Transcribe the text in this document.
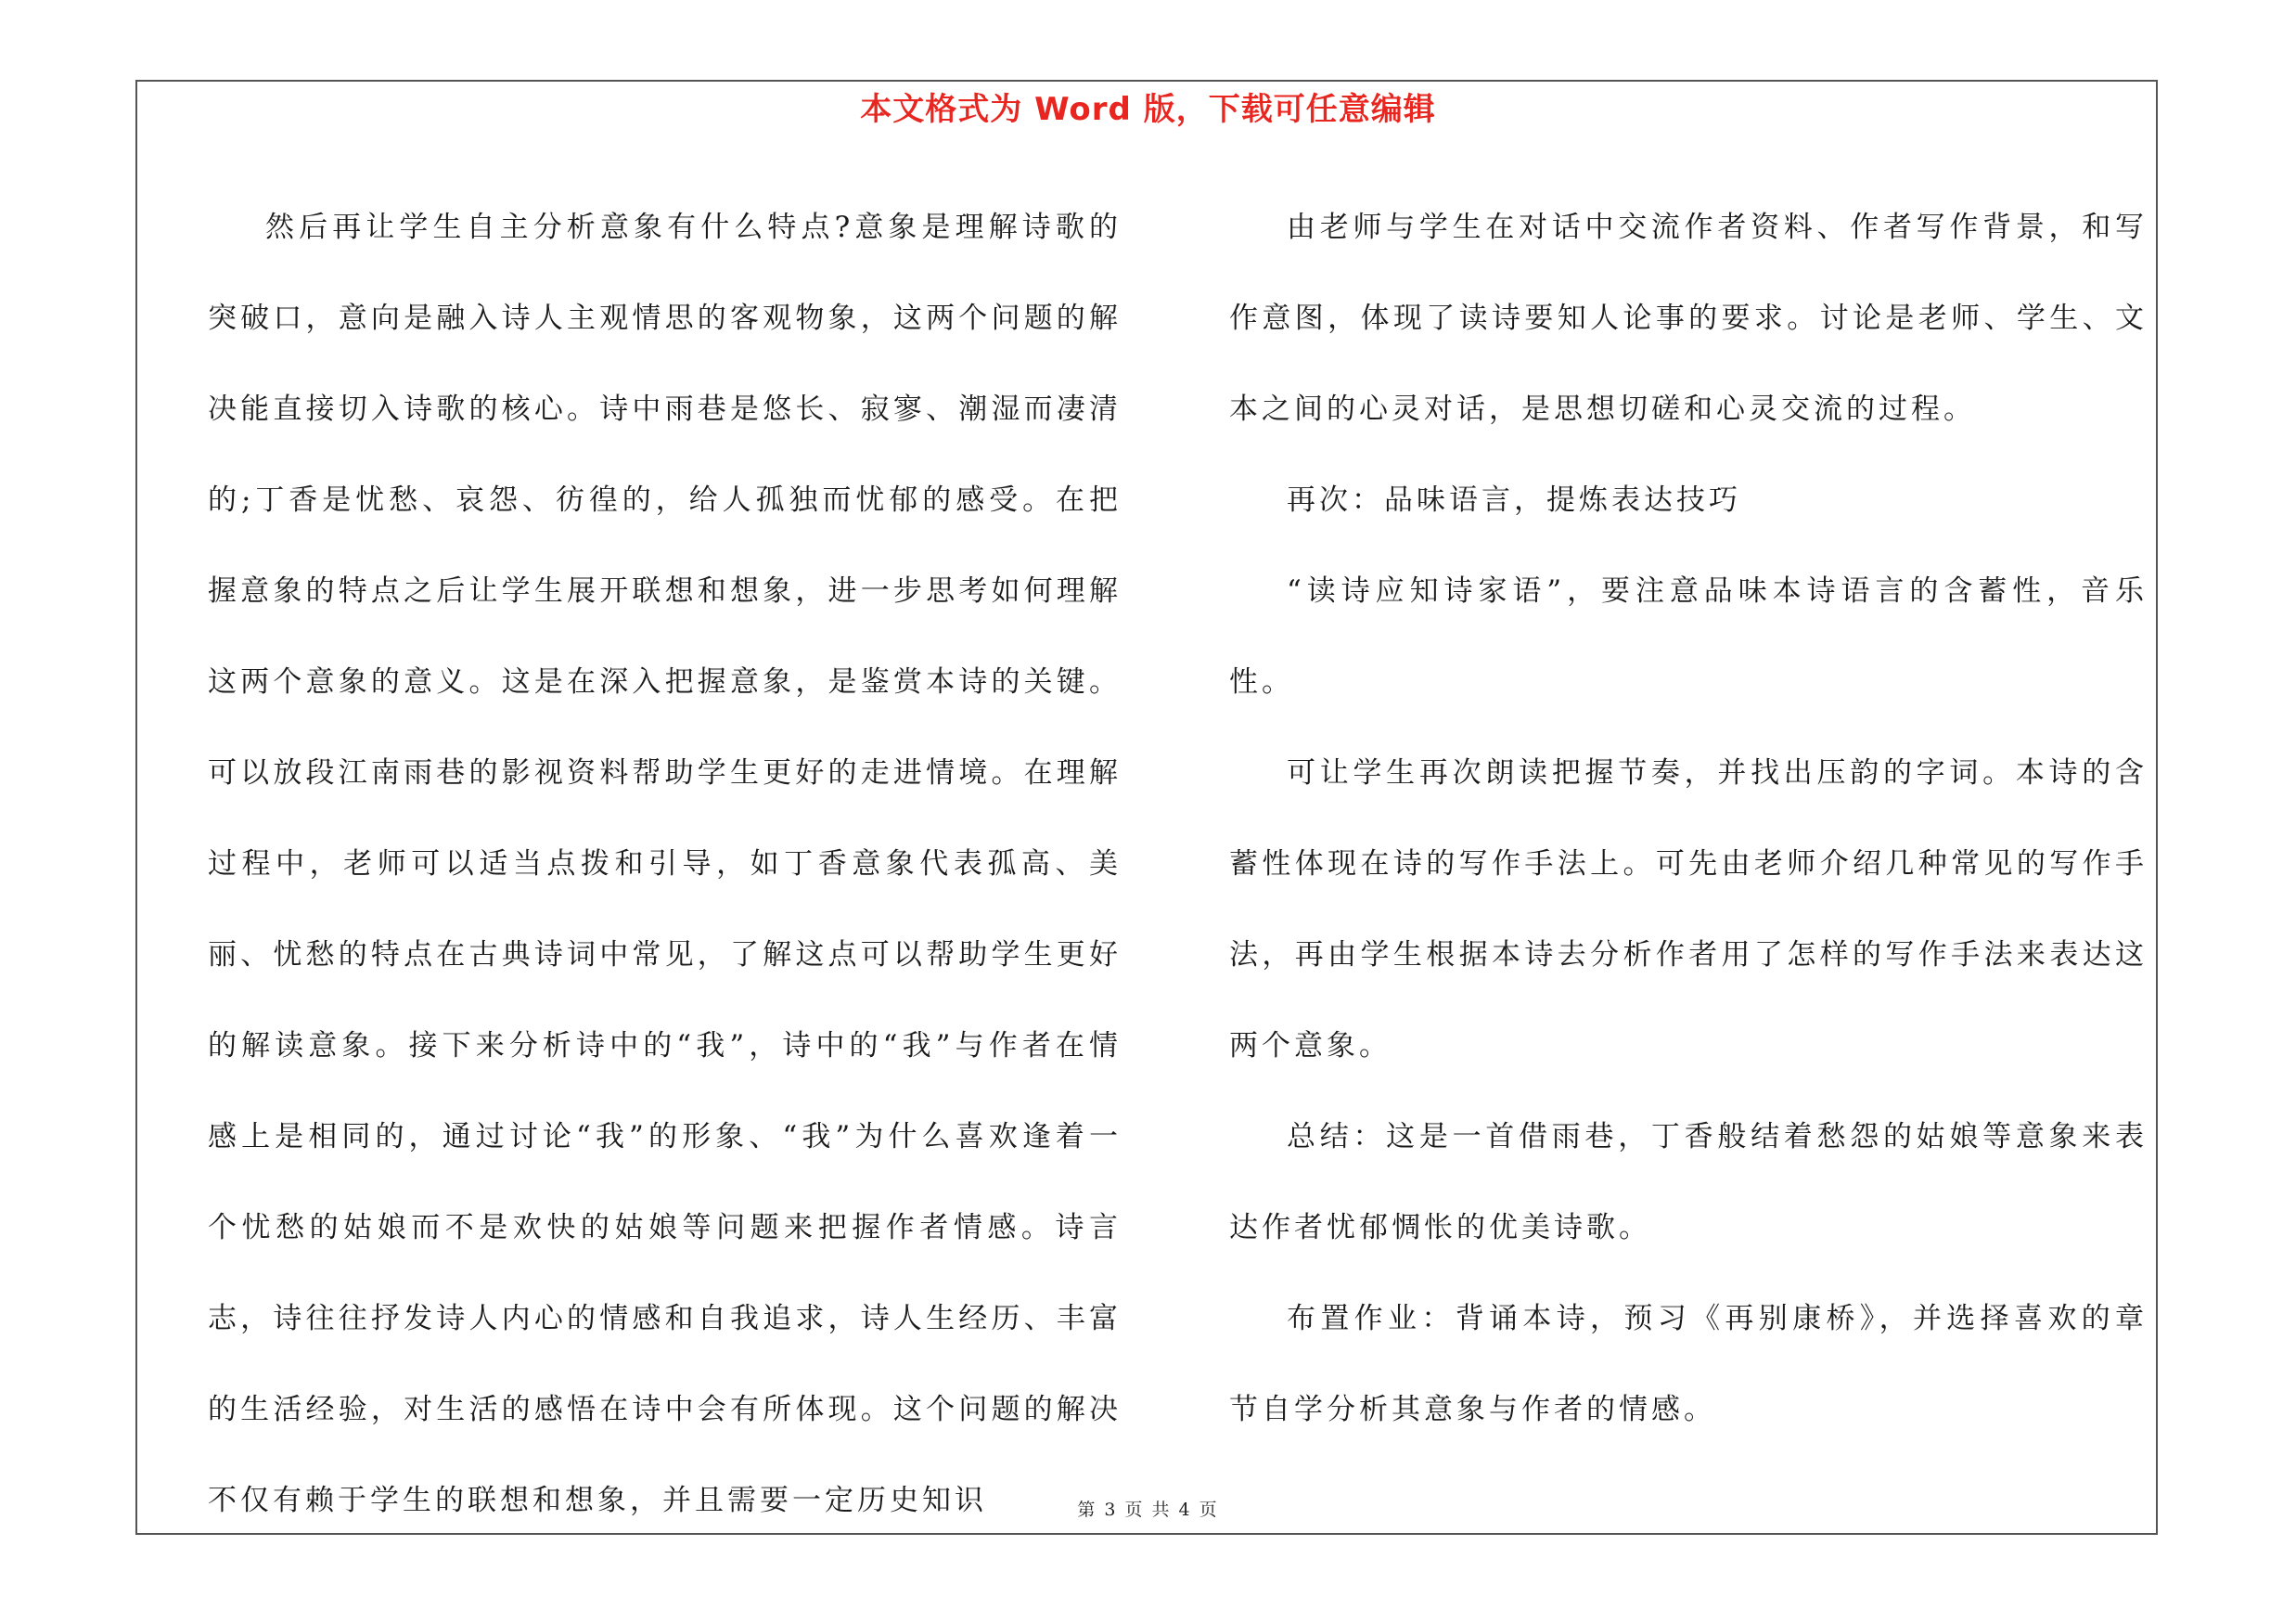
本文格式为 Word 版，下载可任意编辑

然后再让学生自主分析意象有什么特点?意象是理解诗歌的突破口，意向是融入诗人主观情思的客观物象，这两个问题的解决能直接切入诗歌的核心。诗中雨巷是悠长、寂寥、潮湿而凄清的;丁香是忧愁、哀怨、彷徨的，给人孤独而忧郁的感受。在把握意象的特点之后让学生展开联想和想象，进一步思考如何理解这两个意象的意义。这是在深入把握意象，是鉴赏本诗的关键。可以放段江南雨巷的影视资料帮助学生更好的走进情境。在理解过程中，老师可以适当点拨和引导，如丁香意象代表孤高、美丽、忧愁的特点在古典诗词中常见，了解这点可以帮助学生更好的解读意象。接下来分析诗中的“我”，诗中的“我”与作者在情感上是相同的，通过讨论“我”的形象、“我”为什么喜欢逢着一个忧愁的姑娘而不是欢快的姑娘等问题来把握作者情感。诗言志，诗往往抒发诗人内心的情感和自我追求，诗人生经历、丰富的生活经验，对生活的感悟在诗中会有所体现。这个问题的解决不仅有赖于学生的联想和想象，并且需要一定历史知识

由老师与学生在对话中交流作者资料、作者写作背景，和写作意图，体现了读诗要知人论事的要求。讨论是老师、学生、文本之间的心灵对话，是思想切磋和心灵交流的过程。

再次：品味语言，提炼表达技巧

“读诗应知诗家语”，要注意品味本诗语言的含蓄性，音乐性。

可让学生再次朗读把握节奏，并找出压韵的字词。本诗的含蓄性体现在诗的写作手法上。可先由老师介绍几种常见的写作手法，再由学生根据本诗去分析作者用了怎样的写作手法来表达这两个意象。

总结：这是一首借雨巷，丁香般结着愁怨的姑娘等意象来表达作者忧郁惆怅的优美诗歌。

布置作业：背诵本诗，预习《再别康桥》，并选择喜欢的章节自学分析其意象与作者的情感。

第 3 页 共 4 页
